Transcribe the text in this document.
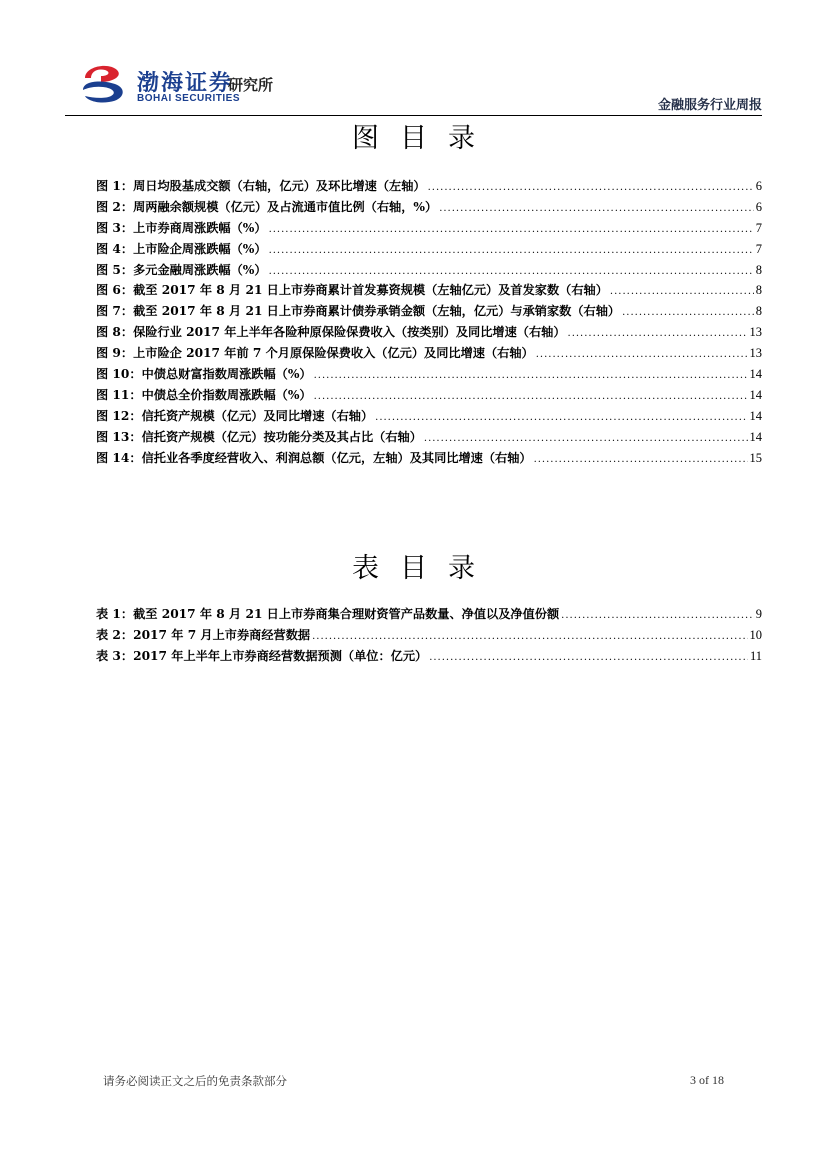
渤海证券
BOHAI SECURITIES
研究所
金融服务行业周报
图目录
图 1：周日均股基成交额（右轴，亿元）及环比增速（左轴） .....	6
图 2：周两融余额规模（亿元）及占流通市值比例（右轴，%） .....	6
图 3：上市券商周涨跌幅（%） .....	7
图 4：上市险企周涨跌幅（%） .....	7
图 5：多元金融周涨跌幅（%） .....	8
图 6：截至 2017 年 8 月 21 日上市券商累计首发募资规模（左轴亿元）及首发家数（右轴） .....	8
图 7：截至 2017 年 8 月 21 日上市券商累计债券承销金额（左轴，亿元）与承销家数（右轴） .....	8
图 8：保险行业 2017 年上半年各险种原保险保费收入（按类别）及同比增速（右轴） .....	13
图 9：上市险企 2017 年前 7 个月原保险保费收入（亿元）及同比增速（右轴） .....	13
图 10：中债总财富指数周涨跌幅（%） .....	14
图 11：中债总全价指数周涨跌幅（%） .....	14
图 12：信托资产规模（亿元）及同比增速（右轴） .....	14
图 13：信托资产规模（亿元）按功能分类及其占比（右轴） .....	14
图 14：信托业各季度经营收入、利润总额（亿元，左轴）及其同比增速（右轴） .....	15
表目录
表 1：截至 2017 年 8 月 21 日上市券商集合理财资管产品数量、净值以及净值份额 .....	9
表 2：2017 年 7 月上市券商经营数据 .....	10
表 3：2017 年上半年上市券商经营数据预测（单位：亿元） .....	11
请务必阅读正文之后的免责条款部分	3 of 18
